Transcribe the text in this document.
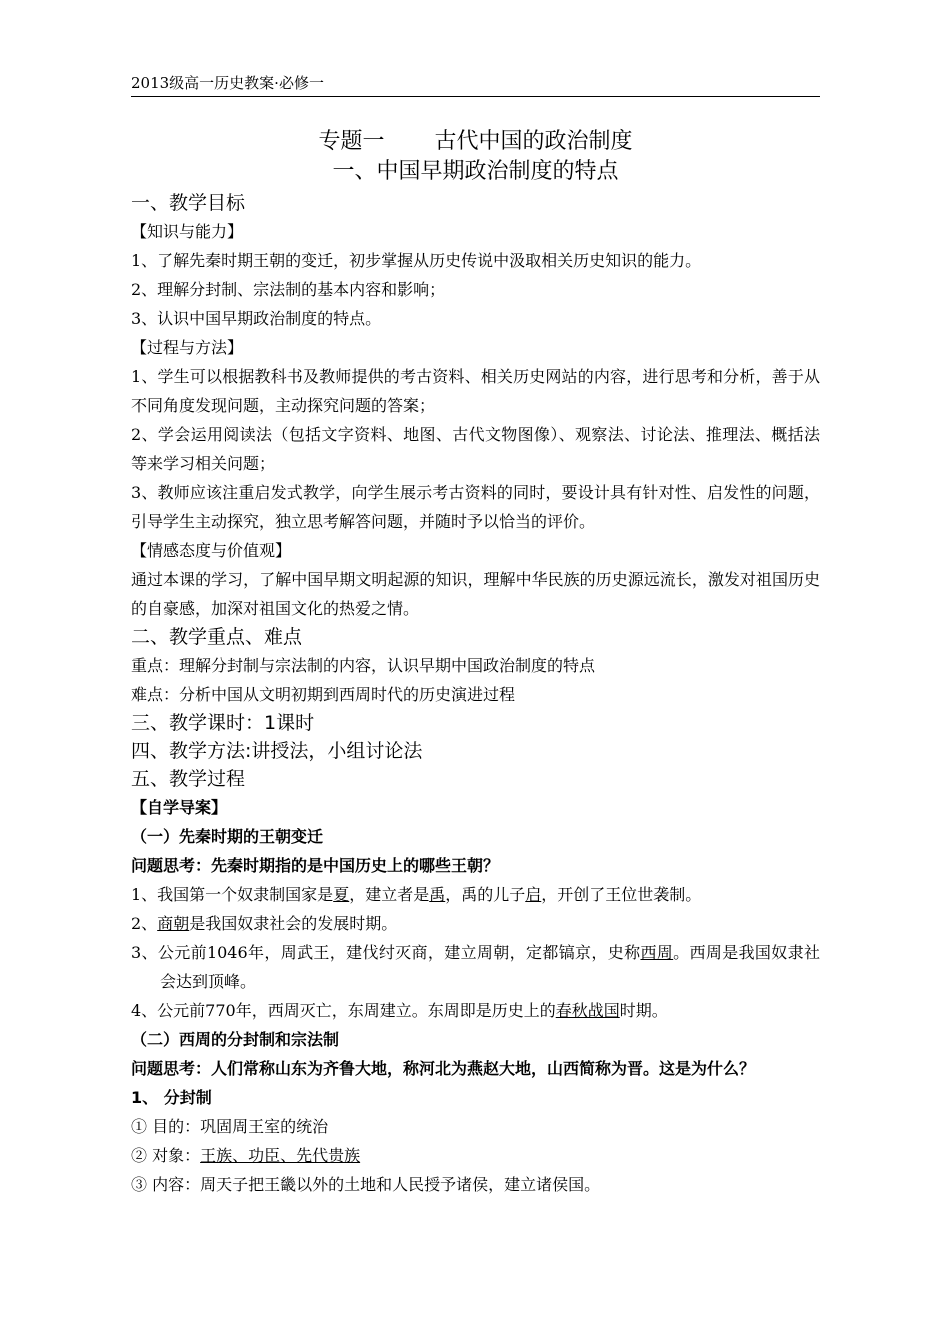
2013级高一历史教案·必修一
专题一 古代中国的政治制度
一、中国早期政治制度的特点
一、教学目标
【知识与能力】
1、了解先秦时期王朝的变迁，初步掌握从历史传说中汲取相关历史知识的能力。
2、理解分封制、宗法制的基本内容和影响；
3、认识中国早期政治制度的特点。
【过程与方法】
1、学生可以根据教科书及教师提供的考古资料、相关历史网站的内容，进行思考和分析，善于从不同角度发现问题，主动探究问题的答案；
2、学会运用阅读法（包括文字资料、地图、古代文物图像）、观察法、讨论法、推理法、概括法等来学习相关问题；
3、教师应该注重启发式教学，向学生展示考古资料的同时，要设计具有针对性、启发性的问题，引导学生主动探究，独立思考解答问题，并随时予以恰当的评价。
【情感态度与价值观】
通过本课的学习，了解中国早期文明起源的知识，理解中华民族的历史源远流长，激发对祖国历史的自豪感，加深对祖国文化的热爱之情。
二、教学重点、难点
重点：理解分封制与宗法制的内容，认识早期中国政治制度的特点
难点：分析中国从文明初期到西周时代的历史演进过程
三、教学课时：1课时
四、教学方法:讲授法，小组讨论法
五、教学过程
【自学导案】
（一）先秦时期的王朝变迁
问题思考：先秦时期指的是中国历史上的哪些王朝？
1、我国第一个奴隶制国家是夏，建立者是禹，禹的儿子启，开创了王位世袭制。
2、商朝是我国奴隶社会的发展时期。
3、公元前1046年，周武王，建伐纣灭商，建立周朝，定都镐京，史称西周。西周是我国奴隶社会达到顶峰。
4、公元前770年，西周灭亡，东周建立。东周即是历史上的春秋战国时期。
（二）西周的分封制和宗法制
问题思考：人们常称山东为齐鲁大地，称河北为燕赵大地，山西简称为晋。这是为什么？
1、 分封制
① 目的：巩固周王室的统治
② 对象：王族、功臣、先代贵族
③ 内容：周天子把王畿以外的土地和人民授予诸侯，建立诸侯国。
